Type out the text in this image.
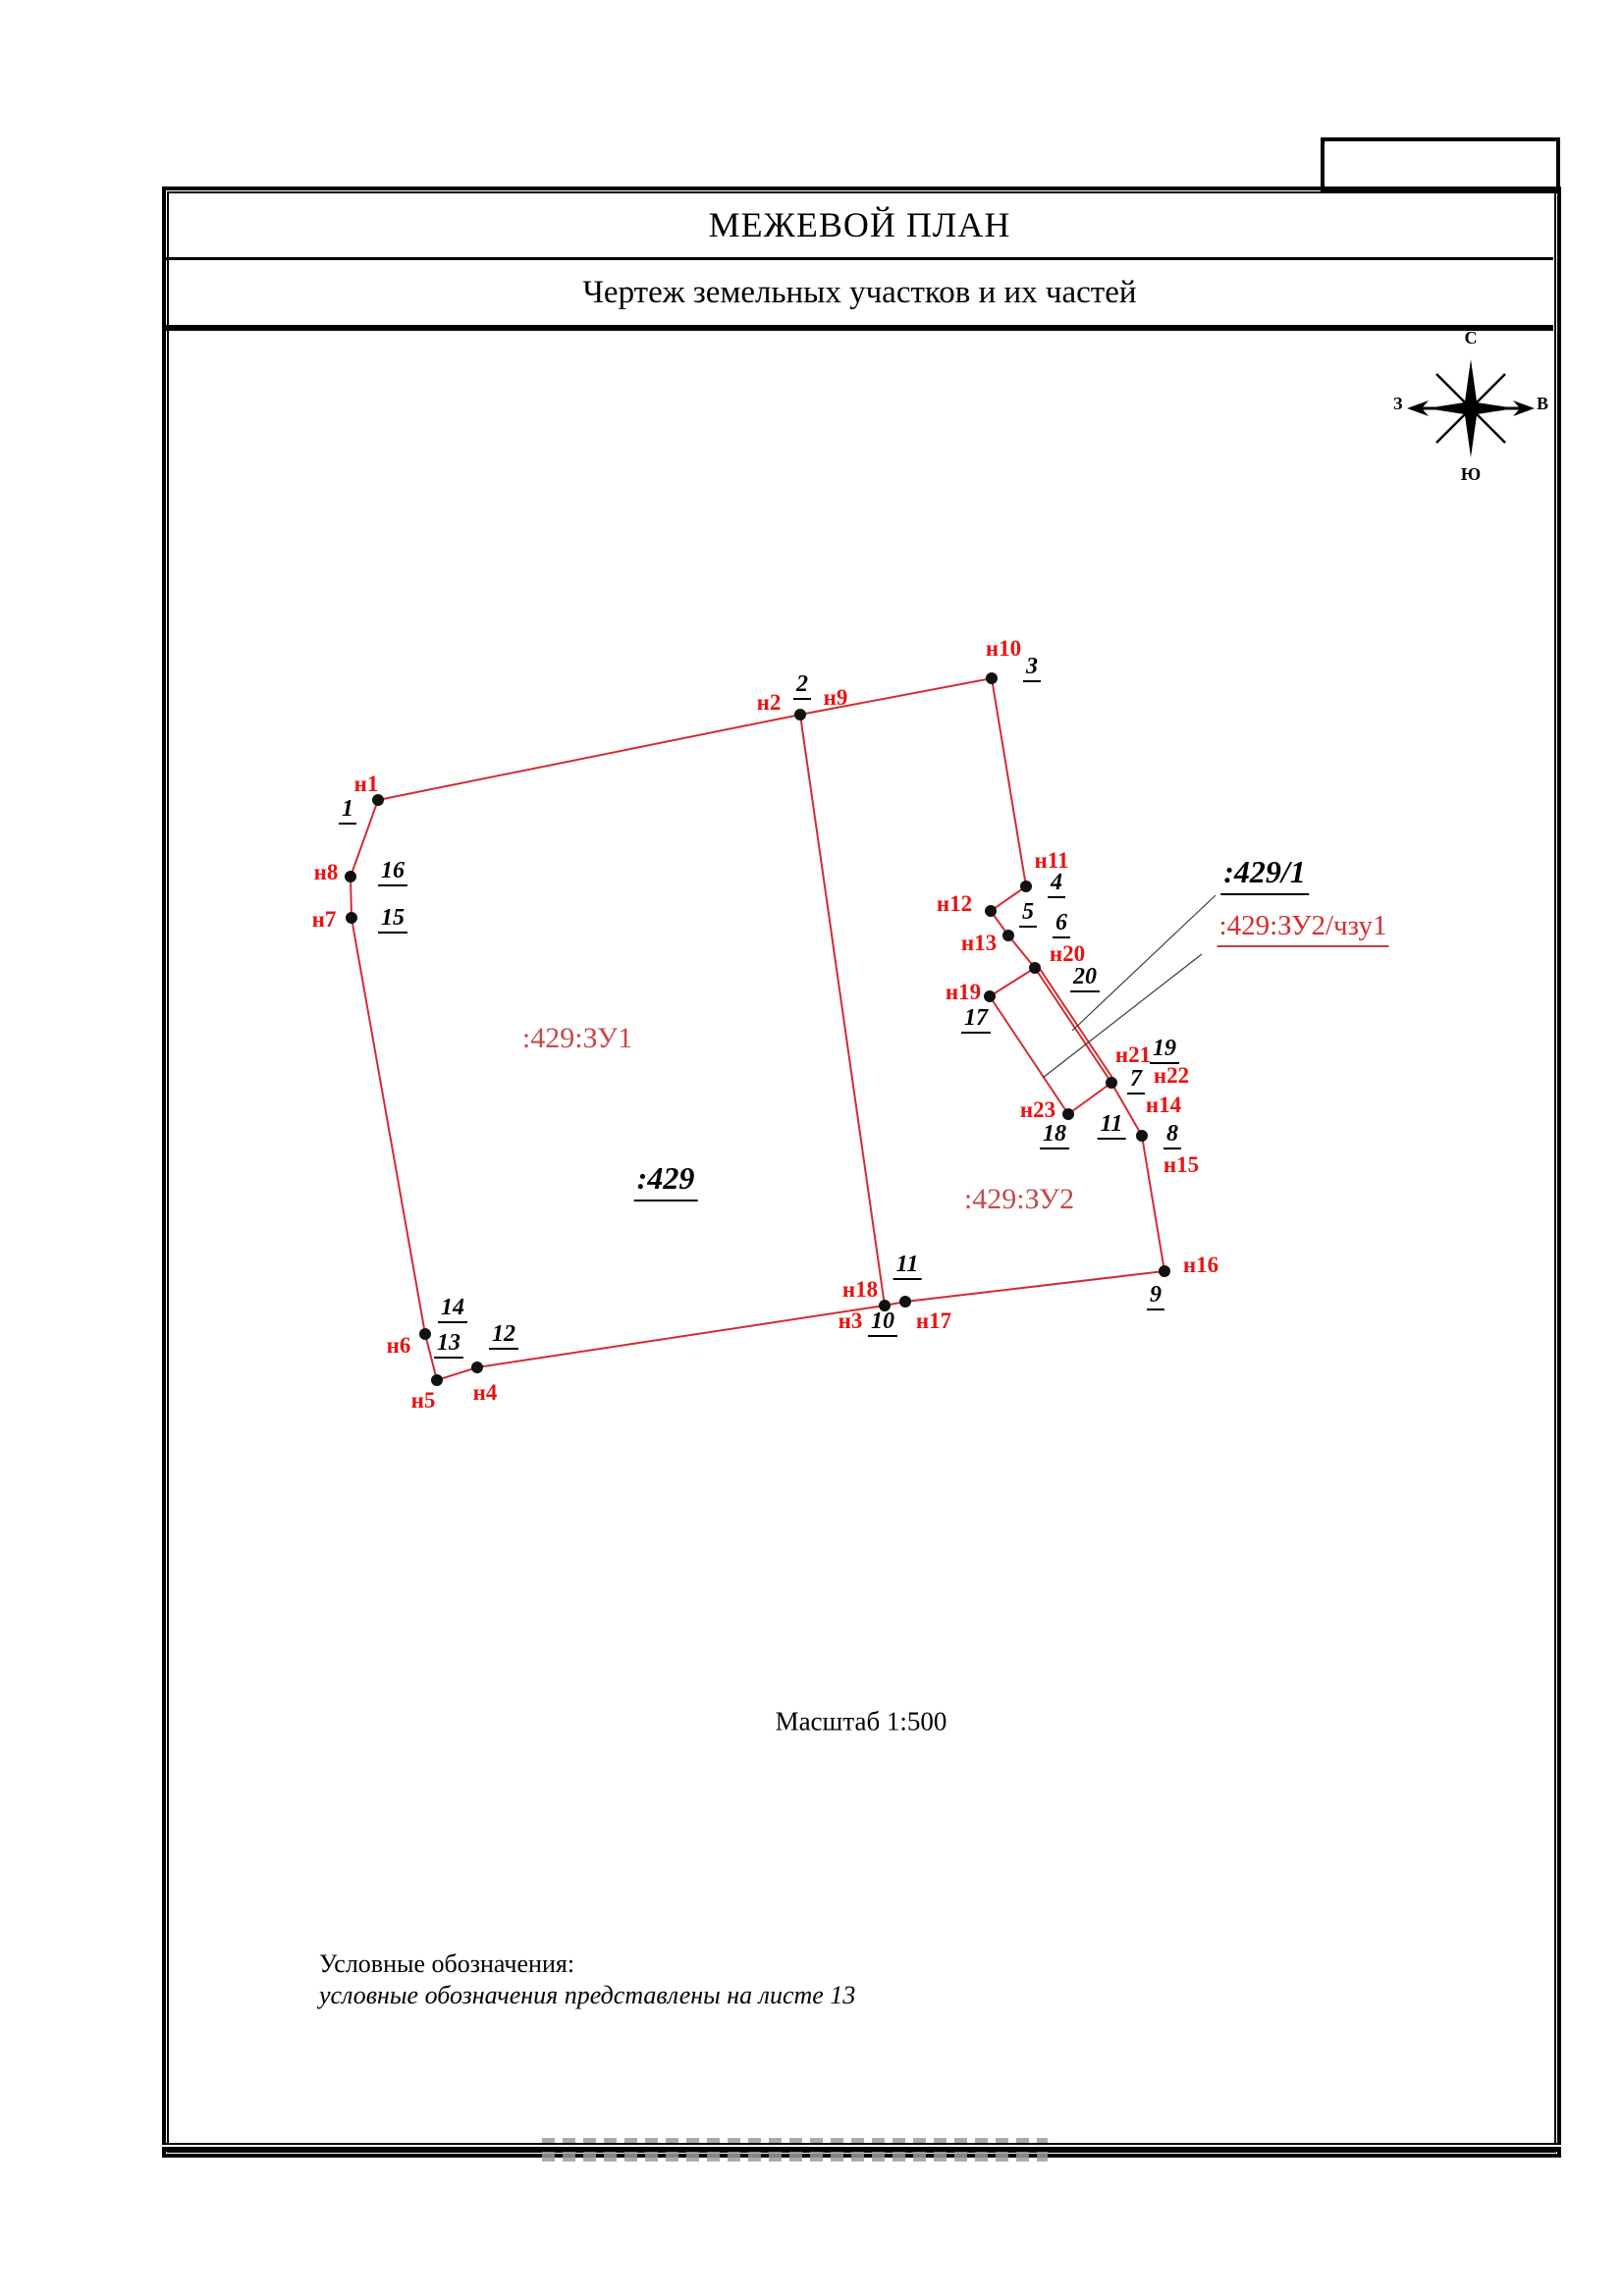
МЕЖЕВОЙ ПЛАН
Чертеж земельных участков и их частей
н1
н2 н9
н10
н11
н12
н13 н20
н19
н21
н22
н14
н23
н15
н16
н17
н18
н3
н4
н5
н6
н7
н8
1
2
3
4
5 6
20
17
19
7
11
18	8
9
11
10
16
15
14
13 12
:429:ЗУ1
:429
:429:ЗУ2
:429/1
:429:ЗУ2/чзу1
С
Ю
З	В
Масштаб 1:500
Условные обозначения:
условные обозначения представлены на листе 13
